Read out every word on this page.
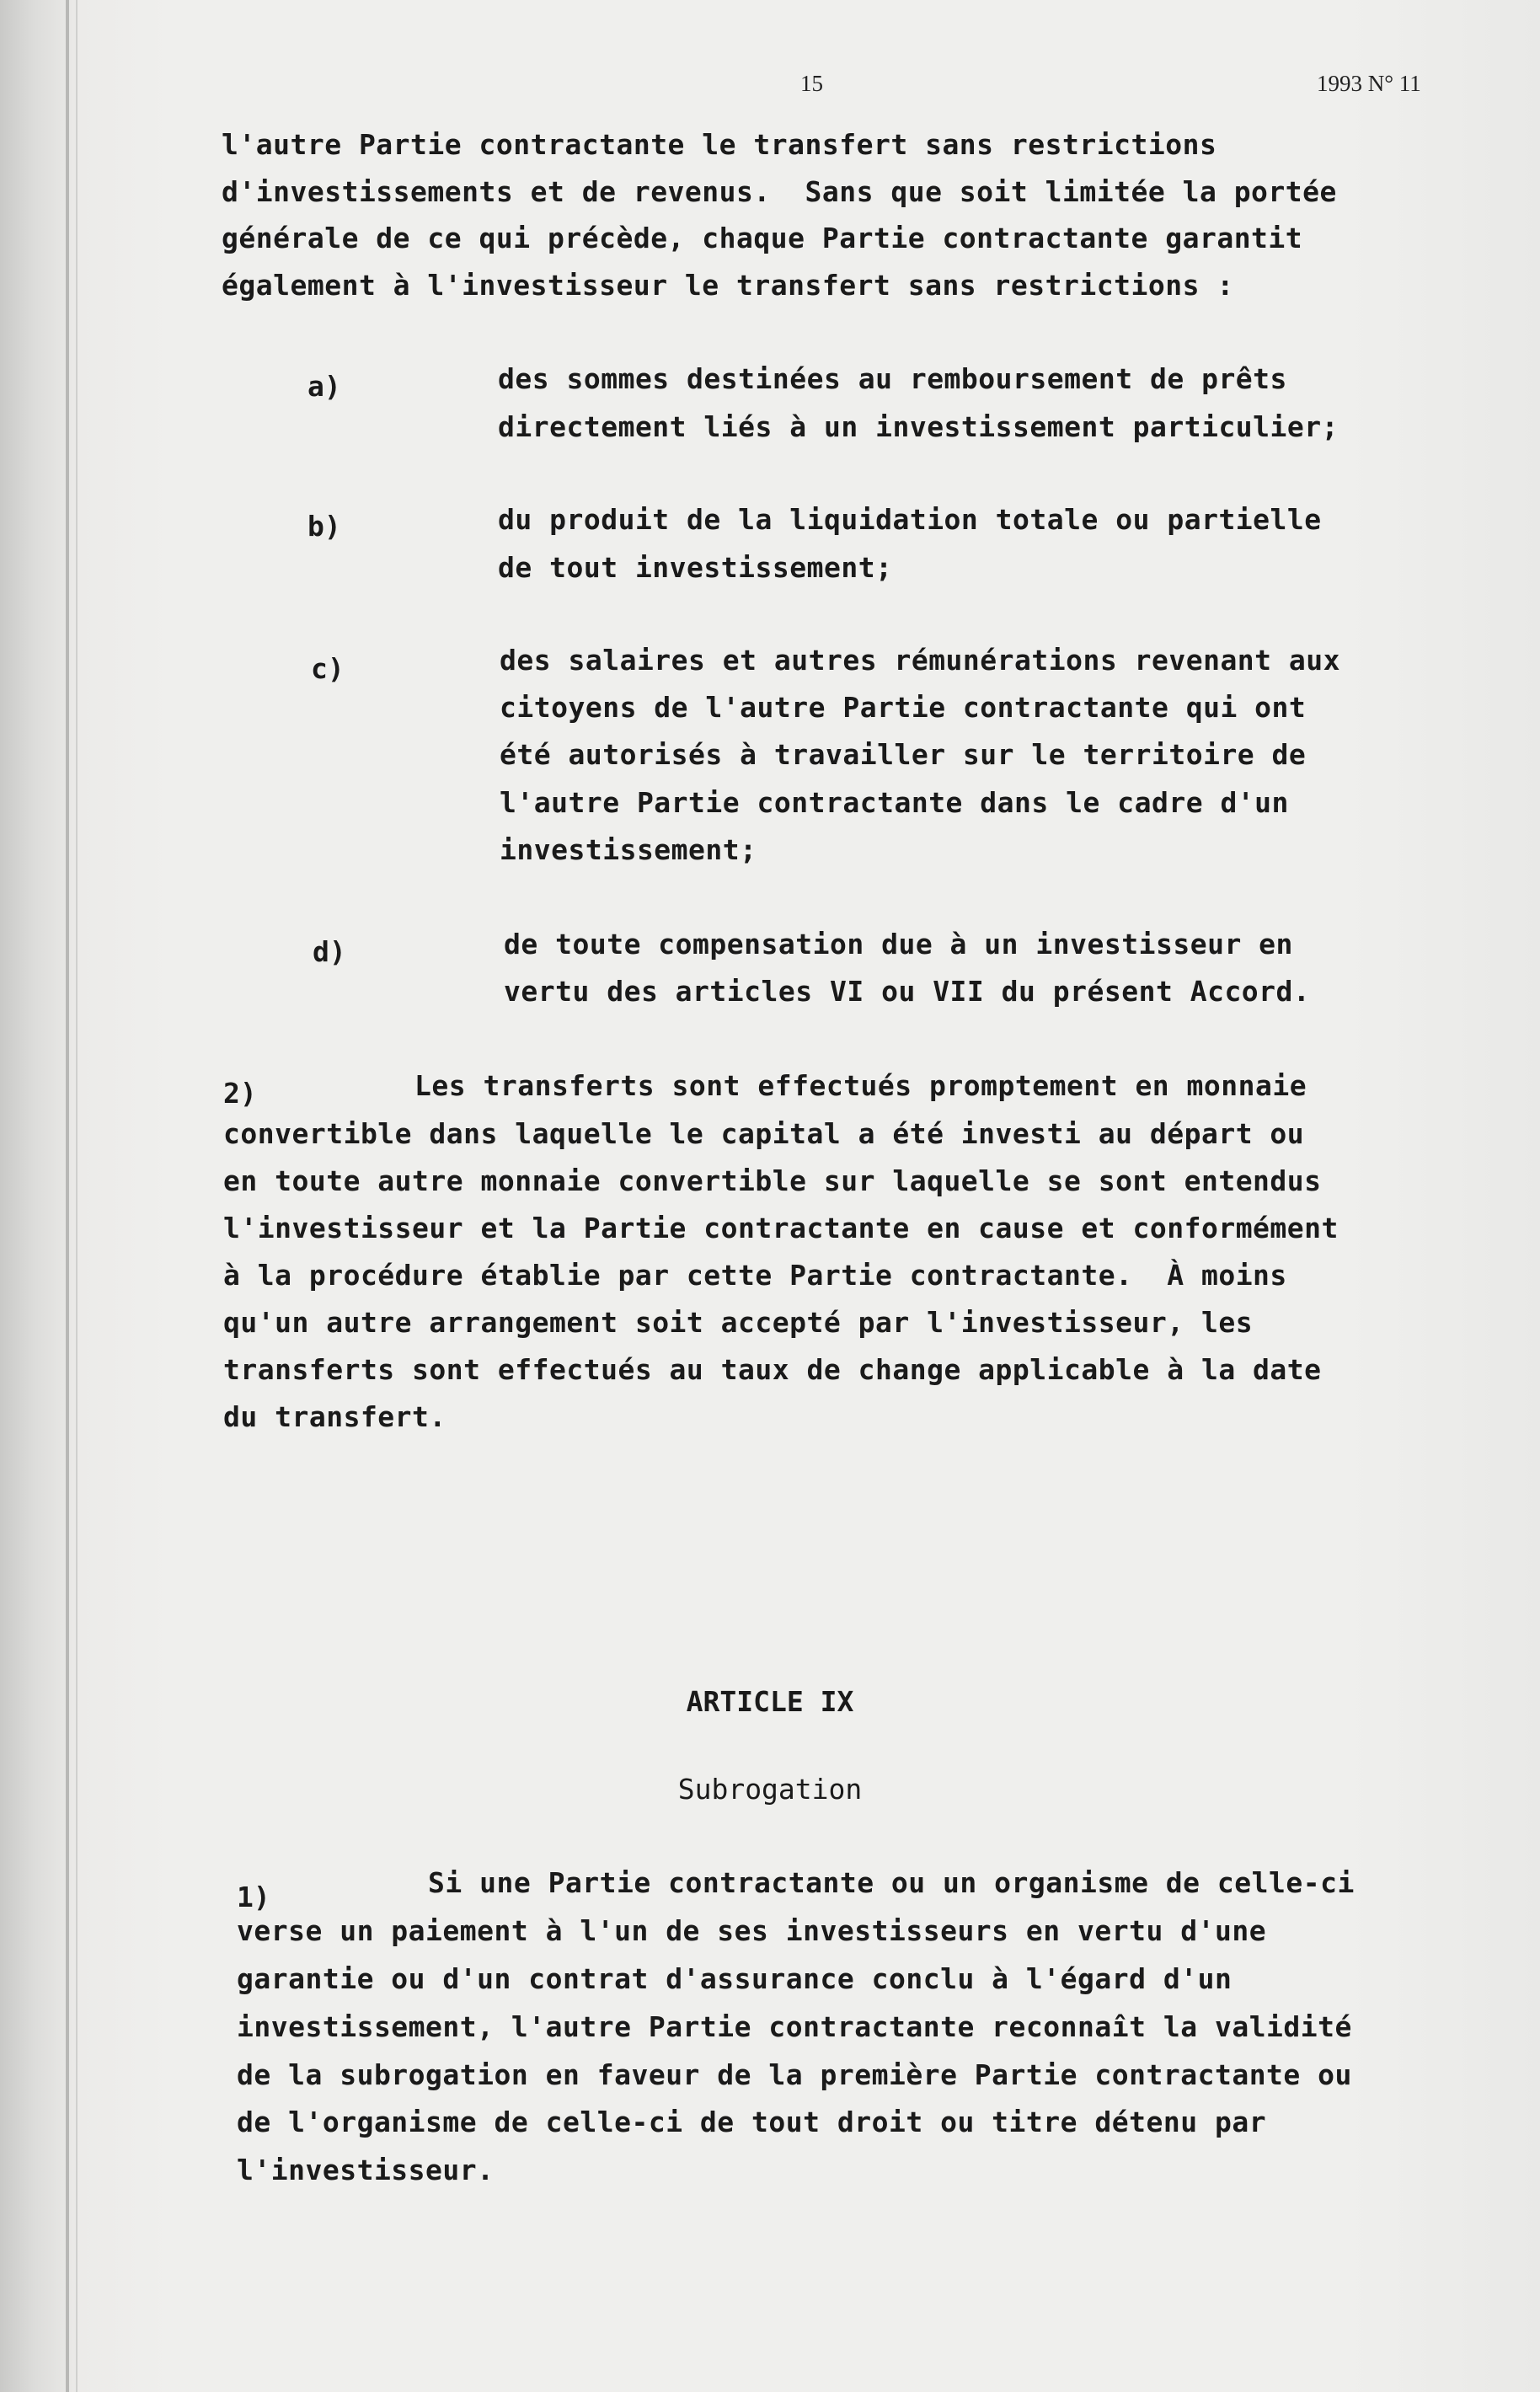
15	1993 N° 11
l'autre Partie contractante le transfert sans restrictions
d'investissements et de revenus.  Sans que soit limitée la portée
générale de ce qui précède, chaque Partie contractante garantit
également à l'investisseur le transfert sans restrictions :
a)	des sommes destinées au remboursement de prêts
directement liés à un investissement particulier;
b)	du produit de la liquidation totale ou partielle
de tout investissement;
c)	des salaires et autres rémunérations revenant aux
citoyens de l'autre Partie contractante qui ont
été autorisés à travailler sur le territoire de
l'autre Partie contractante dans le cadre d'un
investissement;
d)	de toute compensation due à un investisseur en
vertu des articles VI ou VII du présent Accord.
2)	Les transferts sont effectués promptement en monnaie
convertible dans laquelle le capital a été investi au départ ou
en toute autre monnaie convertible sur laquelle se sont entendus
l'investisseur et la Partie contractante en cause et conformément
à la procédure établie par cette Partie contractante.  À moins
qu'un autre arrangement soit accepté par l'investisseur, les
transferts sont effectués au taux de change applicable à la date
du transfert.
ARTICLE IX
Subrogation
1)	Si une Partie contractante ou un organisme de celle-ci
verse un paiement à l'un de ses investisseurs en vertu d'une
garantie ou d'un contrat d'assurance conclu à l'égard d'un
investissement, l'autre Partie contractante reconnaît la validité
de la subrogation en faveur de la première Partie contractante ou
de l'organisme de celle-ci de tout droit ou titre détenu par
l'investisseur.
